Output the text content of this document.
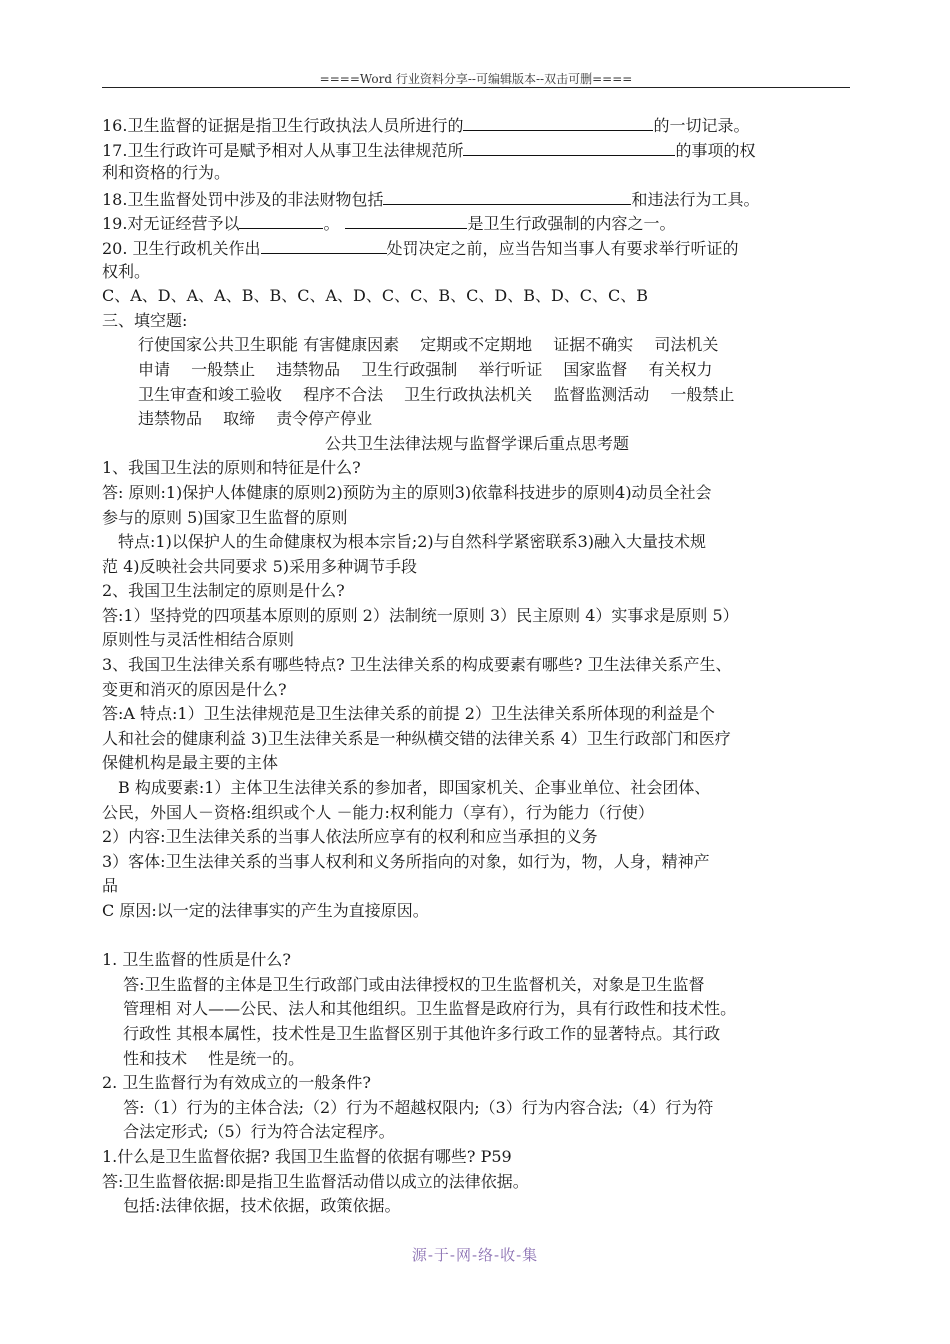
====Word 行业资料分享--可编辑版本--双击可删====
16.卫生监督的证据是指卫生行政执法人员所进行的	的一切记录。
17.卫生行政许可是赋予相对人从事卫生法律规范所	的事项的权
利和资格的行为。
18.卫生监督处罚中涉及的非法财物包括	和违法行为工具。
19.对无证经营予以	。	是卫生行政强制的内容之一。
20. 卫生行政机关作出	处罚决定之前，应当告知当事人有要求举行听证的
权利。
C、A、D、A、A、B、B、C、A、D、C、C、B、C、D、B、D、C、C、B
三、填空题:
行使国家公共卫生职能 有害健康因素　 定期或不定期地　 证据不确实　 司法机关
申请　 一般禁止　 违禁物品　 卫生行政强制　 举行听证　 国家监督　 有关权力
卫生审查和竣工验收　 程序不合法　 卫生行政执法机关　 监督监测活动　 一般禁止
违禁物品　 取缔　 责令停产停业
公共卫生法律法规与监督学课后重点思考题
1、我国卫生法的原则和特征是什么?
答: 原则:1)保护人体健康的原则2)预防为主的原则3)依靠科技进步的原则4)动员全社会
参与的原则 5)国家卫生监督的原则
　特点:1)以保护人的生命健康权为根本宗旨;2)与自然科学紧密联系3)融入大量技术规
范 4)反映社会共同要求 5)采用多种调节手段
2、我国卫生法制定的原则是什么?
答:1）坚持党的四项基本原则的原则 2）法制统一原则 3）民主原则 4）实事求是原则 5）
原则性与灵活性相结合原则
3、我国卫生法律关系有哪些特点? 卫生法律关系的构成要素有哪些? 卫生法律关系产生、
变更和消灭的原因是什么?
答:A 特点:1）卫生法律规范是卫生法律关系的前提 2）卫生法律关系所体现的利益是个
人和社会的健康利益 3)卫生法律关系是一种纵横交错的法律关系 4）卫生行政部门和医疗
保健机构是最主要的主体
　B 构成要素:1）主体卫生法律关系的参加者，即国家机关、企事业单位、社会团体、
公民，外国人－资格:组织或个人 －能力:权利能力（享有），行为能力（行使）
2）内容:卫生法律关系的当事人依法所应享有的权利和应当承担的义务
3）客体:卫生法律关系的当事人权利和义务所指向的对象，如行为，物，人身，精神产
品
C 原因:以一定的法律事实的产生为直接原因。
1. 卫生监督的性质是什么?
　 答:卫生监督的主体是卫生行政部门或由法律授权的卫生监督机关，对象是卫生监督
　 管理相 对人——公民、法人和其他组织。卫生监督是政府行为，具有行政性和技术性。
　 行政性 其根本属性，技术性是卫生监督区别于其他许多行政工作的显著特点。其行政
　 性和技术　 性是统一的。
2. 卫生监督行为有效成立的一般条件?
　 答:（1）行为的主体合法;（2）行为不超越权限内;（3）行为内容合法;（4）行为符
　 合法定形式;（5）行为符合法定程序。
1.什么是卫生监督依据? 我国卫生监督的依据有哪些? P59
答:卫生监督依据:即是指卫生监督活动借以成立的法律依据。
　 包括:法律依据，技术依据，政策依据。
源-于-网-络-收-集
